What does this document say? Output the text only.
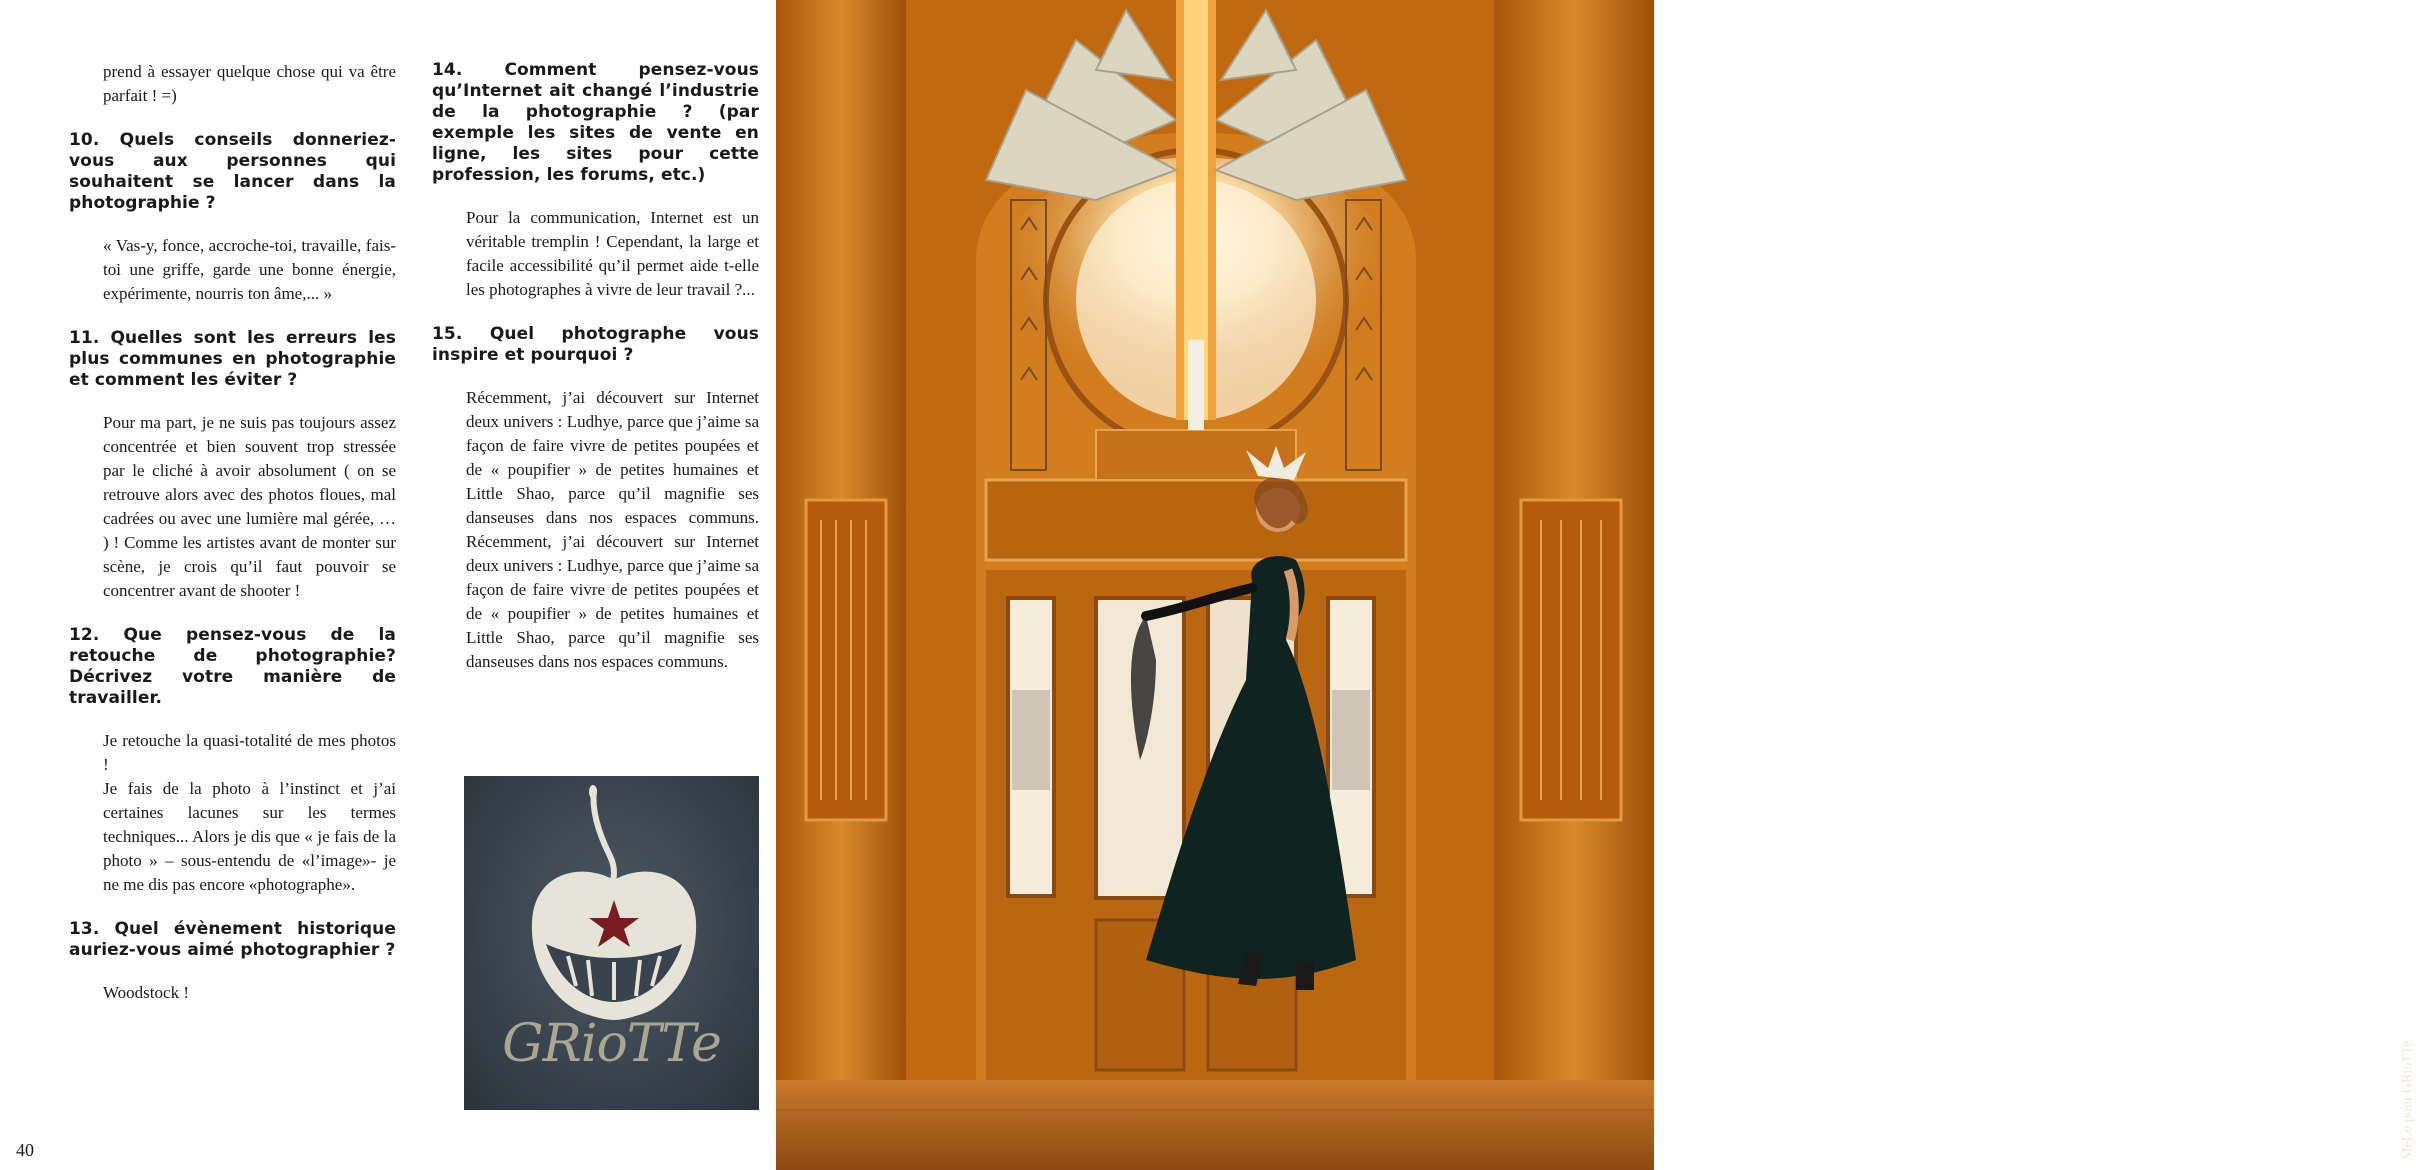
prend à essayer quelque chose qui va être parfait ! =)

10. Quels conseils donneriez-vous aux personnes qui souhaitent se lancer dans la photographie ?

« Vas-y, fonce, accroche-toi, travaille, fais-toi une griffe, garde une bonne énergie, expérimente, nourris ton âme,... »

11. Quelles sont les erreurs les plus communes en photographie et comment les éviter ?

Pour ma part, je ne suis pas toujours assez concentrée et bien souvent trop stressée par le cliché à avoir absolument ( on se retrouve alors avec des photos floues, mal cadrées ou avec une lumière mal gérée, … ) ! Comme les artistes avant de monter sur scène, je crois qu’il faut pouvoir se concentrer avant de shooter !

12. Que pensez-vous de la retouche de photographie? Décrivez votre manière de travailler.

Je retouche la quasi-totalité de mes photos !

Je fais de la photo à l’instinct et j’ai certaines lacunes sur les termes techniques... Alors je dis que « je fais de la photo » – sous-entendu de «l’image»- je ne me dis pas encore «photographe».

13. Quel évènement historique auriez-vous aimé photographier ?

Woodstock !

14. Comment pensez-vous qu’Internet ait changé l’industrie de la photographie ? (par exemple les sites de vente en ligne, les sites pour cette profession, les forums, etc.)

Pour la communication, Internet est un véritable tremplin ! Cependant, la large et facile accessibilité qu’il permet aide t-elle les photographes à vivre de leur travail ?...

15. Quel photographe vous inspire et pourquoi ?

Récemment, j’ai découvert sur Internet deux univers : Ludhye, parce que j’aime sa façon de faire vivre de petites poupées et de « poupifier » de petites humaines et Little Shao, parce qu’il magnifie ses danseuses dans nos espaces communs. Récemment, j’ai découvert sur Internet deux univers : Ludhye, parce que j’aime sa façon de faire vivre de petites poupées et de « poupifier » de petites humaines et Little Shao, parce qu’il magnifie ses danseuses dans nos espaces communs.

GRioTTe	MéLo pour GRioTTe
40
